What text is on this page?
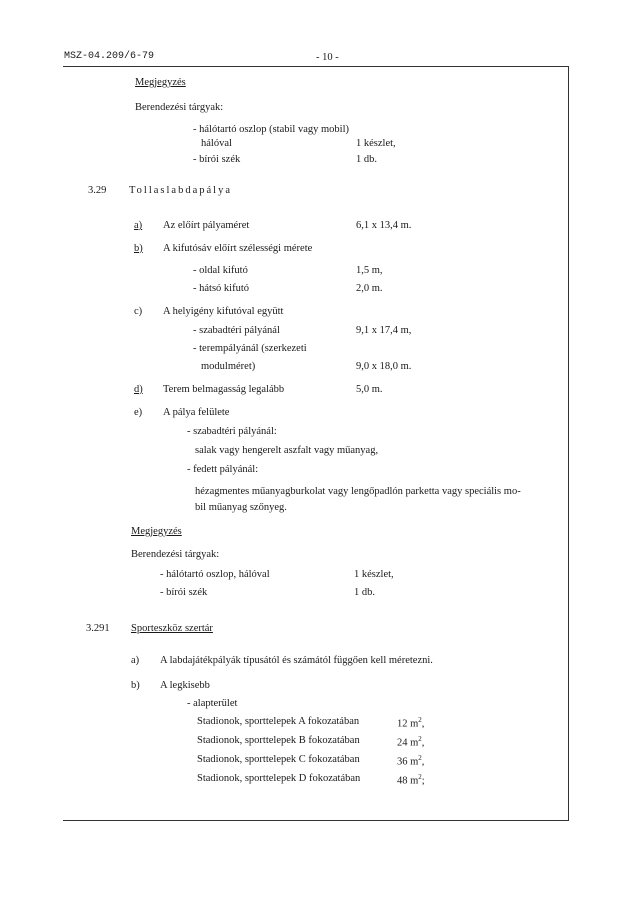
MSZ-04.209/6-79	- 10 -
Megjegyzés
Berendezési tárgyak:
- hálótartó oszlop (stabil vagy mobil)
hálóval	1 készlet,
- bírói szék	1 db.
3.29 Tollaslabdapálya
a) Az előírt pályaméret	6,1 x 13,4 m.
b) A kifutósáv előírt szélességi mérete
- oldal kifutó	1,5 m,
- hátsó kifutó	2,0 m.
c) A helyigény kifutóval együtt
- szabadtéri pályánál	9,1 x 17,4 m,
- terempályánál (szerkezeti
modulméret)	9,0 x 18,0 m.
d) Terem belmagasság legalább	5,0 m.
e) A pálya felülete
- szabadtéri pályánál:
salak vagy hengerelt aszfalt vagy műanyag,
- fedett pályánál:
hézagmentes műanyagburkolat vagy lengőpadlón parketta vagy speciális mo-
bil műanyag szőnyeg.
Megjegyzés
Berendezési tárgyak:
- hálótartó oszlop, hálóval	1 készlet,
- bírói szék	1 db.
3.291 Sporteszköz szertár
a) A labdajátékpályák típusától és számától függően kell méretezni.
b) A legkisebb
- alapterület
Stadionok, sporttelepek A fokozatában	12 $m^2$,
Stadionok, sporttelepek B fokozatában	24 $m^2$,
Stadionok, sporttelepek C fokozatában	36 $m^2$,
Stadionok, sporttelepek D fokozatában	48 $m^2$;
